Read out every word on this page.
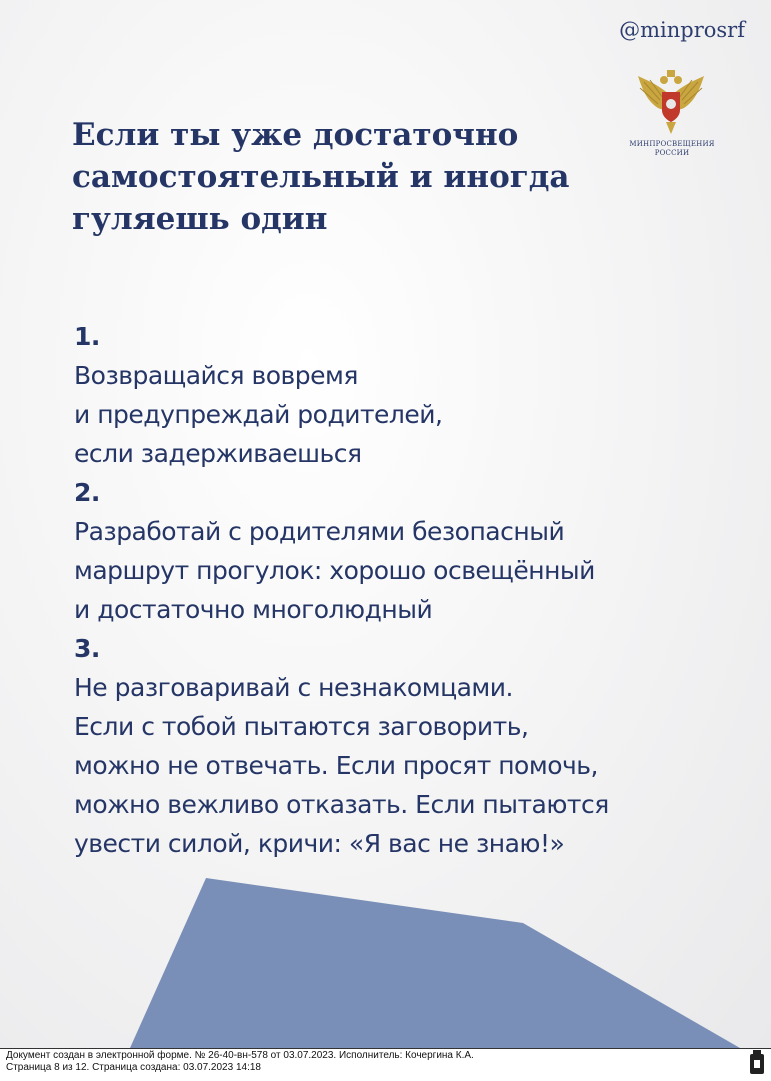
@minprosrf
МИНПРОСВЕЩЕНИЯ
РОССИИ
Если ты уже достаточно
самостоятельный и иногда
гуляешь один

1.
Возвращайся вовремя
и предупреждай родителей,
если задерживаешься

2.
Разработай с родителями безопасный
маршрут прогулок: хорошо освещённый
и достаточно многолюдный

3.
Не разговаривай с незнакомцами.
Если с тобой пытаются заговорить,
можно не отвечать. Если просят помочь,
можно вежливо отказать. Если пытаются
увести силой, кричи: «Я вас не знаю!»

Документ создан в электронной форме. № 26-40-вн-578 от 03.07.2023. Исполнитель: Кочергина К.А.
Страница 8 из 12. Страница создана: 03.07.2023 14:18
